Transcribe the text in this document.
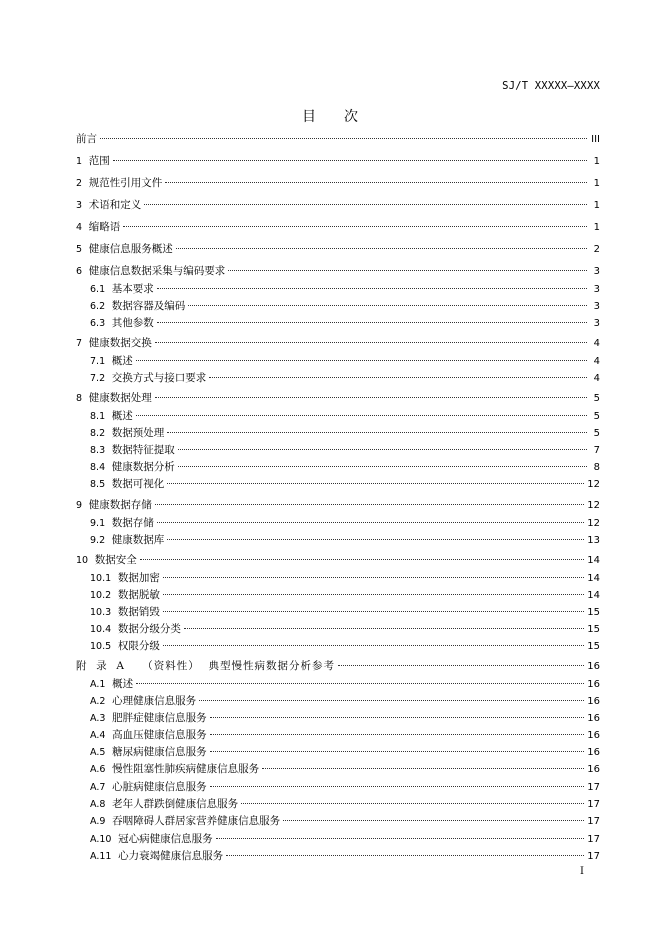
SJ/T XXXXX—XXXX
目 次
前言	III
1 范围	1
2 规范性引用文件	1
3 术语和定义	1
4 缩略语	1
5 健康信息服务概述	2
6 健康信息数据采集与编码要求	3
6.1 基本要求	3
6.2 数据容器及编码	3
6.3 其他参数	3
7 健康数据交换	4
7.1 概述	4
7.2 交换方式与接口要求	4
8 健康数据处理	5
8.1 概述	5
8.2 数据预处理	5
8.3 数据特征提取	7
8.4 健康数据分析	8
8.5 数据可视化	12
9 健康数据存储	12
9.1 数据存储	12
9.2 健康数据库	13
10 数据安全	14
10.1 数据加密	14
10.2 数据脱敏	14
10.3 数据销毁	15
10.4 数据分级分类	15
10.5 权限分级	15
附  录  A    （资料性）  典型慢性病数据分析参考	16
A.1 概述	16
A.2 心理健康信息服务	16
A.3 肥胖症健康信息服务	16
A.4 高血压健康信息服务	16
A.5 糖尿病健康信息服务	16
A.6 慢性阻塞性肺疾病健康信息服务	16
A.7 心脏病健康信息服务	17
A.8 老年人群跌倒健康信息服务	17
A.9 吞咽障碍人群居家营养健康信息服务	17
A.10 冠心病健康信息服务	17
A.11 心力衰竭健康信息服务	17
I
